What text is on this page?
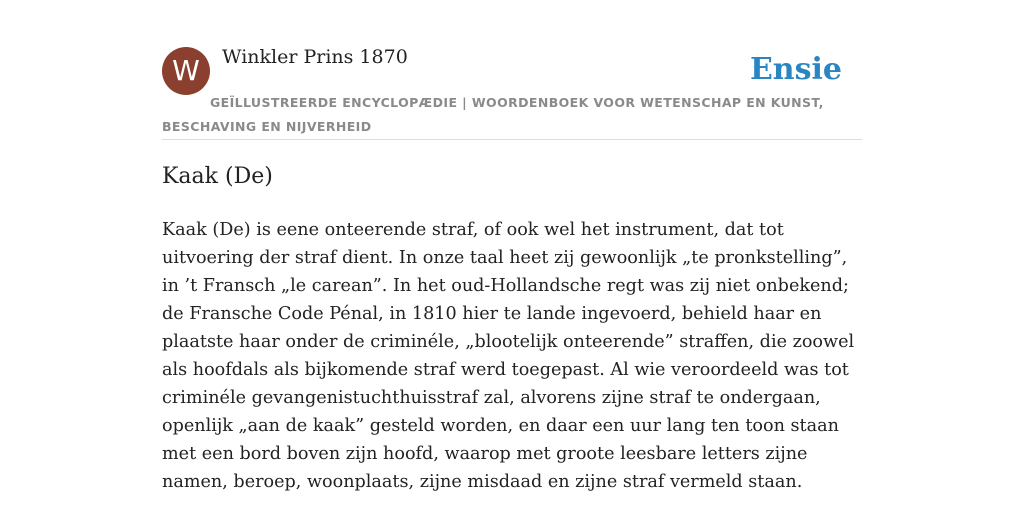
W	Winkler Prins 1870	Ensie
GEÏLLUSTREERDE ENCYCLOPÆDIE | WOORDENBOEK VOOR WETENSCHAP EN KUNST, BESCHAVING EN NIJVERHEID
Kaak (De)

Kaak (De) is eene onteerende straf, of ook wel het instrument, dat tot uitvoering der straf dient. In onze taal heet zij gewoonlijk „te pronkstelling”, in ’t Fransch „le carean”. In het oud-Hollandsche regt was zij niet onbekend; de Fransche Code Pénal, in 1810 hier te lande ingevoerd, behield haar en plaatste haar onder de criminéle, „blootelijk onteerende” straffen, die zoowel als hoofdals als bijkomende straf werd toegepast. Al wie veroordeeld was tot criminéle gevangenistuchthuisstraf zal, alvorens zijne straf te ondergaan, openlijk „aan de kaak” gesteld worden, en daar een uur lang ten toon staan met een bord boven zijn hoofd, waarop met groote leesbare letters zijne namen, beroep, woonplaats, zijne misdaad en zijne straf vermeld staan.
